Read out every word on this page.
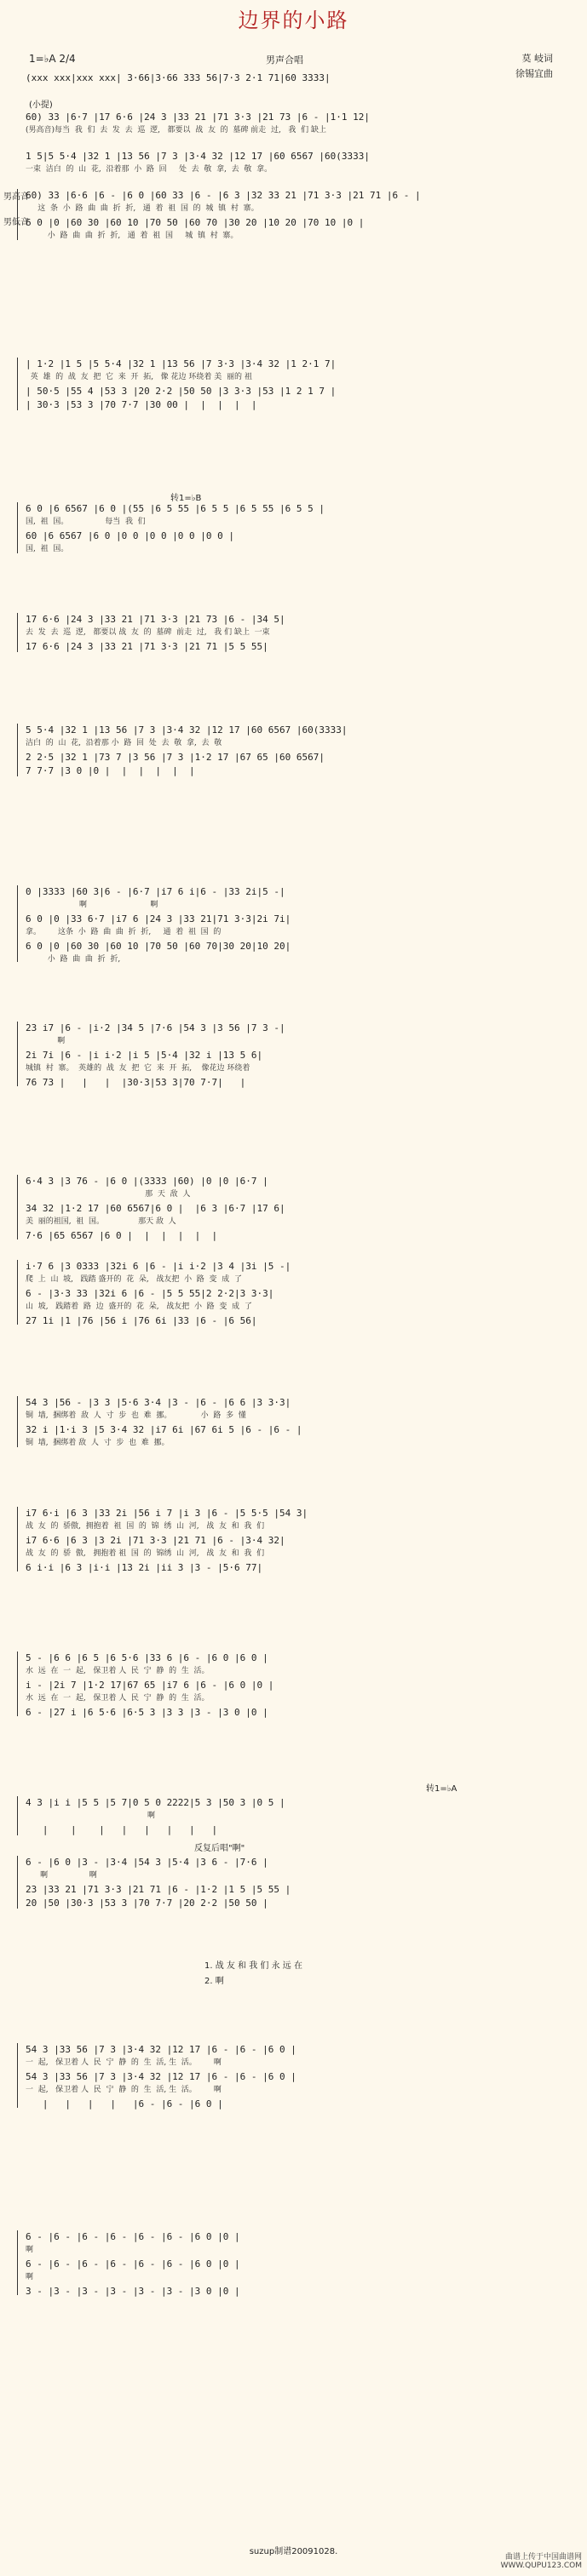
边界的小路
1=♭A 2/4	男声合唱	莫 岐词
徐锡宜曲
(xxx xxx|xxx xxx| 3·66|3·66 333 56|7·3 2·1 71|60 3333|
60) 33 |6·7 |17 6·6 |24 3 |33 21 |71 3·3 |21 73 |6 - |1·1 12|
(男高音)每当  我  们  去  发  去  巡  逻,   都要以  战  友  的  墓碑 前走  过,   我  们 缺上
1 5|5 5·4 |32 1 |13 56 |7 3 |3·4 32 |12 17 |60 6567 |60(3333|
一束  洁白  的  山  花,  沿着那  小  路  回     处  去  敬  拿,  去  敬  拿。
60) 33 |6·6 |6 - |6 0 |60 33 |6 - |6 3 |32 33 21 |71 3·3 |21 71 |6 - |
这  条  小  路  曲  曲  折  折,   通  着  祖  国  的  城  镇  村  寨。
6 0 |0 |60 30 |60 10 |70 50 |60 70 |30 20 |10 20 |70 10 |0 |
小  路  曲  曲  折  折,   通  着  祖  国     城  镇  村  寨。
| 1·2 |1 5 |5 5·4 |32 1 |13 56 |7 3·3 |3·4 32 |1 2·1 7|
英  雄  的  战  友  把  它  来  开  拓,   像 花边 环绕着 美  丽的 祖
| 50·5 |55 4 |53 3 |20 2·2 |50 50 |3 3·3 |53 |1 2 1 7 |
| 30·3 |53 3 |70 7·7 |30 00 |  |  |  |  |
6 0 |6 6567 |6 0 |(55 |6 5 55 |6 5 5 |6 5 55 |6 5 5 |
国,  祖  国。               每当  我  们
60 |6 6567 |6 0 |0 0 |0 0 |0 0 |0 0 |
国,  祖  国。
17 6·6 |24 3 |33 21 |71 3·3 |21 73 |6 - |34 5|
去  发  去  巡  逻,   都要以 战  友  的  墓碑  前走  过,   我 们 缺上  一束
17 6·6 |24 3 |33 21 |71 3·3 |21 71 |5 5 55|
5 5·4 |32 1 |13 56 |7 3 |3·4 32 |12 17 |60 6567 |60(3333|
洁白  的  山  花,  沿着那 小  路  回  处  去  敬  拿,  去  敬
2 2·5 |32 1 |73 7 |3 56 |7 3 |1·2 17 |67 65 |60 6567|
7 7·7 |3 0 |0 |  |  |  |  |  |
0 |3333 |60 3|6 - |6·7 |i7 6 i|6 - |33 2i|5 -|
啊                          啊
6 0 |0 |33 6·7 |i7 6 |24 3 |33 21|71 3·3|2i 7i|
拿。       这条  小  路  曲  曲  折  折,     通  着  祖  国  的
6 0 |0 |60 30 |60 10 |70 50 |60 70|30 20|10 20|
小  路  曲  曲  折  折,
23 i7 |6 - |i·2 |34 5 |7·6 |54 3 |3 56 |7 3 -|
啊
2i 7i |6 - |i i·2 |i 5 |5·4 |32 i |13 5 6|
城镇  村  寨。  英雄的  战  友  把  它  来  开  拓,    像花边 环绕着
76 73 |   |   |  |30·3|53 3|70 7·7|   |
6·4 3 |3 76 - |6 0 |(3333 |60) |0 |0 |6·7 |
那  天  敌  人
34 32 |1·2 17 |60 6567|6 0 |  |6 3 |6·7 |17 6|
美  丽的祖国,  祖  国。              那天 敌  人
7·6 |65 6567 |6 0 |  |  |  |  |  |
i·7 6 |3 0333 |32i 6 |6 - |i i·2 |3 4 |3i |5 -|
爬  上  山  坡,   践踏 盛开的  花  朵,   战友把  小  路  变  成  了
6 - |3·3 33 |32i 6 |6 - |5 5 55|2 2·2|3 3·3|
山  坡,   践踏着  路  边  盛开的  花  朵,   战友把  小  路  变  成  了
27 1i |1 |76 |56 i |76 6i |33 |6 - |6 56|
54 3 |56 - |3 3 |5·6 3·4 |3 - |6 - |6 6 |3 3·3|
铜  墙,  捆绑着  敌  人  寸  步  也  难  挪。            小  路  多  懂
32 i |1·i 3 |5 3·4 32 |i7 6i |67 6i 5 |6 - |6 - |
铜  墙,  捆绑着 敌  人  寸  步  也  难  挪。
i7 6·i |6 3 |33 2i |56 i 7 |i 3 |6 - |5 5·5 |54 3|
战  友  的  骄傲,  拥抱着  祖  国  的  锦  绣  山  河,   战  友  和  我  们
i7 6·6 |6 3 |3 2i |71 3·3 |21 71 |6 - |3·4 32|
战  友  的  骄  傲,   拥抱着 祖  国  的  锦绣  山  河,   战  友  和  我  们
6 i·i |6 3 |i·i |13 2i |ii 3 |3 - |5·6 77|
5 - |6 6 |6 5 |6 5·6 |33 6 |6 - |6 0 |6 0 |
水  远  在  一  起,   保卫着 人  民  宁  静  的  生  活。
i - |2i 7 |1·2 17|67 65 |i7 6 |6 - |6 0 |0 |
水  远  在  一  起,   保卫着 人  民  宁  静  的  生  活。
6 - |27 i |6 5·6 |6·5 3 |3 3 |3 - |3 0 |0 |
4 3 |i i |5 5 |5 7|0 5 0 2222|5 3 |50 3 |0 5 |
啊
|    |    |   |   |   |   |   |
6 - |6 0 |3 - |3·4 |54 3 |5·4 |3 6 - |7·6 |
啊                 啊
23 |33 21 |71 3·3 |21 71 |6 - |1·2 |1 5 |5 55 |
20 |50 |30·3 |53 3 |70 7·7 |20 2·2 |50 50 |
54 3 |33 56 |7 3 |3·4 32 |12 17 |6 - |6 - |6 0 |
一  起,   保卫着 人  民  宁  静  的  生  活, 生  活。       啊
54 3 |33 56 |7 3 |3·4 32 |12 17 |6 - |6 - |6 0 |
一  起,   保卫着 人  民  宁  静  的  生  活, 生  活。       啊
|   |   |   |   |6 - |6 - |6 0 |
6 - |6 - |6 - |6 - |6 - |6 - |6 0 |0 |
啊
6 - |6 - |6 - |6 - |6 - |6 - |6 0 |0 |
啊
3 - |3 - |3 - |3 - |3 - |3 - |3 0 |0 |
suzup制谱20091028.
曲谱上传于中国曲谱网
WWW.QUPU123.COM
(小提)
男高音
男低音
转1=♭B
转1=♭A
反复后唱"啊"
1. 战 友 和 我 们 永 远 在
2. 啊
